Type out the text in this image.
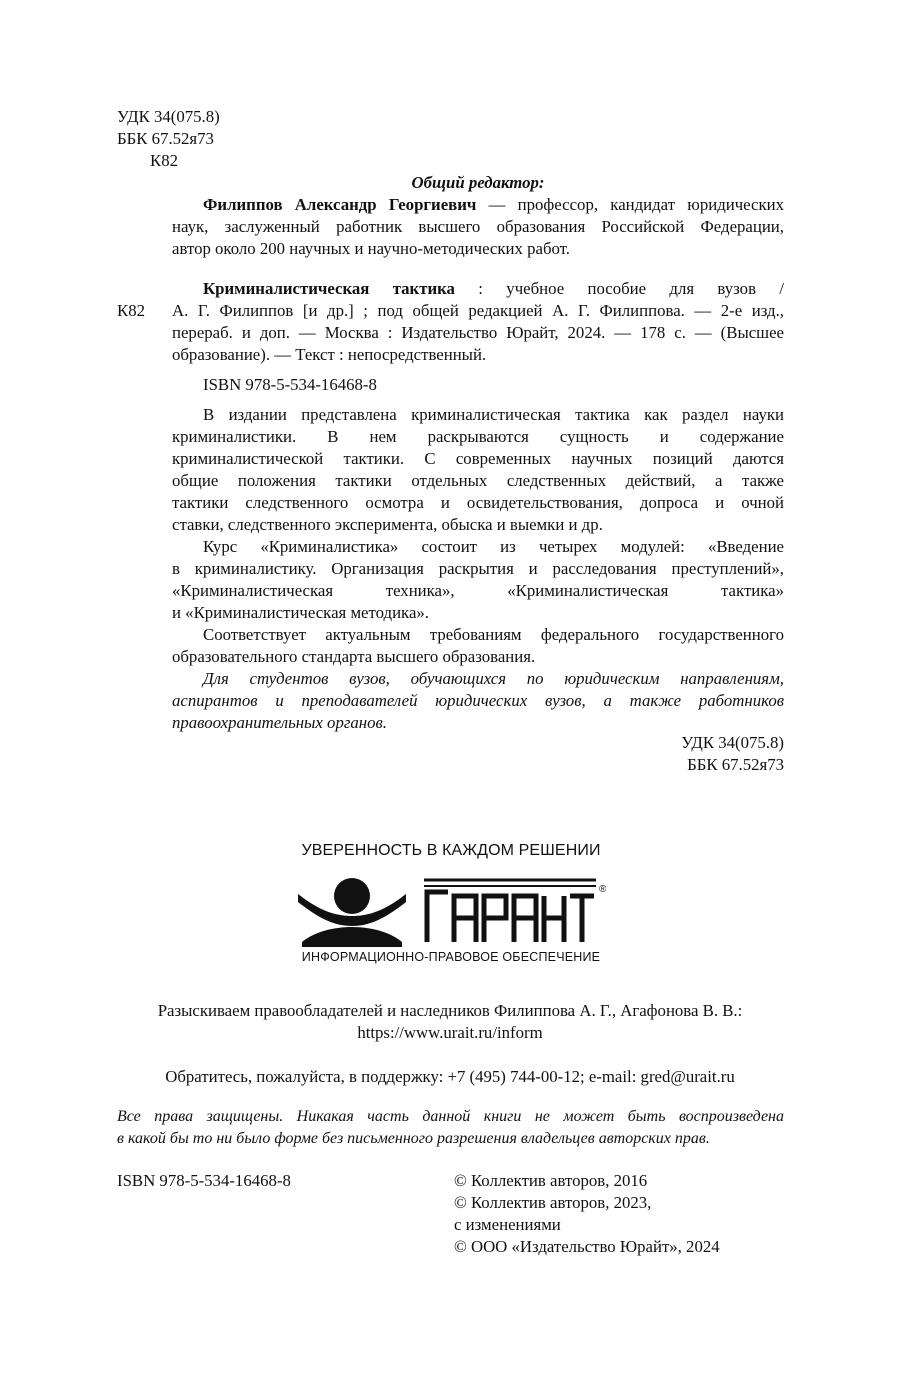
УДК 34(075.8)
ББК 67.52я73
К82
Общий редактор:
Филиппов Александр Георгиевич — профессор, кандидат юридических
наук, заслуженный работник высшего образования Российской Федерации,
автор около 200 научных и научно-методических работ.
К82
Криминалистическая тактика : учебное пособие для вузов /
А. Г. Филиппов [и др.] ; под общей редакцией А. Г. Филиппова. — 2-е изд.,
перераб. и доп. — Москва : Издательство Юрайт, 2024. — 178 с. — (Высшее
образование). — Текст : непосредственный.
ISBN 978-5-534-16468-8
В издании представлена криминалистическая тактика как раздел науки
криминалистики. В нем раскрываются сущность и содержание
криминалистической тактики. С современных научных позиций даются
общие положения тактики отдельных следственных действий, а также
тактики следственного осмотра и освидетельствования, допроса и очной
ставки, следственного эксперимента, обыска и выемки и др.
Курс «Криминалистика» состоит из четырех модулей: «Введение
в криминалистику. Организация раскрытия и расследования преступлений»,
«Криминалистическая техника», «Криминалистическая тактика»
и «Криминалистическая методика».
Соответствует актуальным требованиям федерального государственного
образовательного стандарта высшего образования.
Для студентов вузов, обучающихся по юридическим направлениям,
аспирантов и преподавателей юридических вузов, а также работников
правоохранительных органов.
УДК 34(075.8)
ББК 67.52я73
УВЕРЕННОСТЬ В КАЖДОМ РЕШЕНИИ
®
ИНФОРМАЦИОННО-ПРАВОВОЕ ОБЕСПЕЧЕНИЕ
Разыскиваем правообладателей и наследников Филиппова А. Г., Агафонова В. В.:
https://www.urait.ru/inform
Обратитесь, пожалуйста, в поддержку: +7 (495) 744-00-12; e-mail: gred@urait.ru
Все права защищены. Никакая часть данной книги не может быть воспроизведена
в какой бы то ни было форме без письменного разрешения владельцев авторских прав.
ISBN 978-5-534-16468-8	© Коллектив авторов, 2016
© Коллектив авторов, 2023,
с изменениями
© ООО «Издательство Юрайт», 2024
